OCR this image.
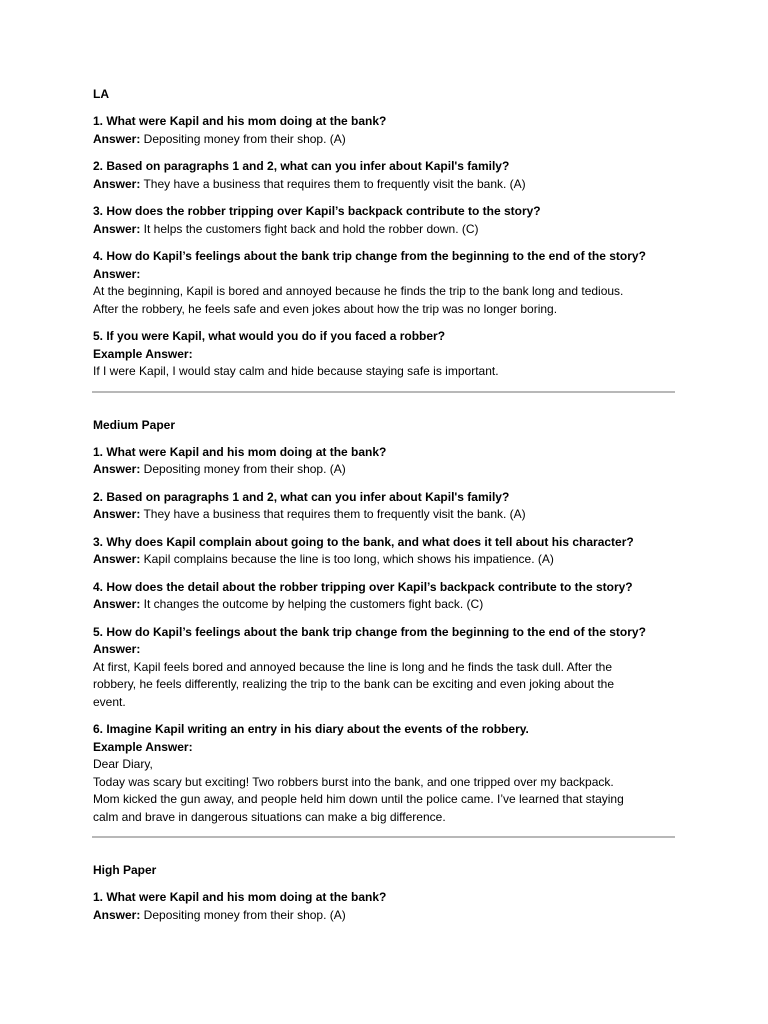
LA
1. What were Kapil and his mom doing at the bank?
Answer: Depositing money from their shop. (A)
2. Based on paragraphs 1 and 2, what can you infer about Kapil's family?
Answer: They have a business that requires them to frequently visit the bank. (A)
3. How does the robber tripping over Kapil’s backpack contribute to the story?
Answer: It helps the customers fight back and hold the robber down. (C)
4. How do Kapil’s feelings about the bank trip change from the beginning to the end of the story?
Answer:
At the beginning, Kapil is bored and annoyed because he finds the trip to the bank long and tedious.
After the robbery, he feels safe and even jokes about how the trip was no longer boring.
5. If you were Kapil, what would you do if you faced a robber?
Example Answer:
If I were Kapil, I would stay calm and hide because staying safe is important.
Medium Paper
1. What were Kapil and his mom doing at the bank?
Answer: Depositing money from their shop. (A)
2. Based on paragraphs 1 and 2, what can you infer about Kapil's family?
Answer: They have a business that requires them to frequently visit the bank. (A)
3. Why does Kapil complain about going to the bank, and what does it tell about his character?
Answer: Kapil complains because the line is too long, which shows his impatience. (A)
4. How does the detail about the robber tripping over Kapil’s backpack contribute to the story?
Answer: It changes the outcome by helping the customers fight back. (C)
5. How do Kapil’s feelings about the bank trip change from the beginning to the end of the story?
Answer:
At first, Kapil feels bored and annoyed because the line is long and he finds the task dull. After the
robbery, he feels differently, realizing the trip to the bank can be exciting and even joking about the
event.
6. Imagine Kapil writing an entry in his diary about the events of the robbery.
Example Answer:
Dear Diary,
Today was scary but exciting! Two robbers burst into the bank, and one tripped over my backpack.
Mom kicked the gun away, and people held him down until the police came. I’ve learned that staying
calm and brave in dangerous situations can make a big difference.
High Paper
1. What were Kapil and his mom doing at the bank?
Answer: Depositing money from their shop. (A)
